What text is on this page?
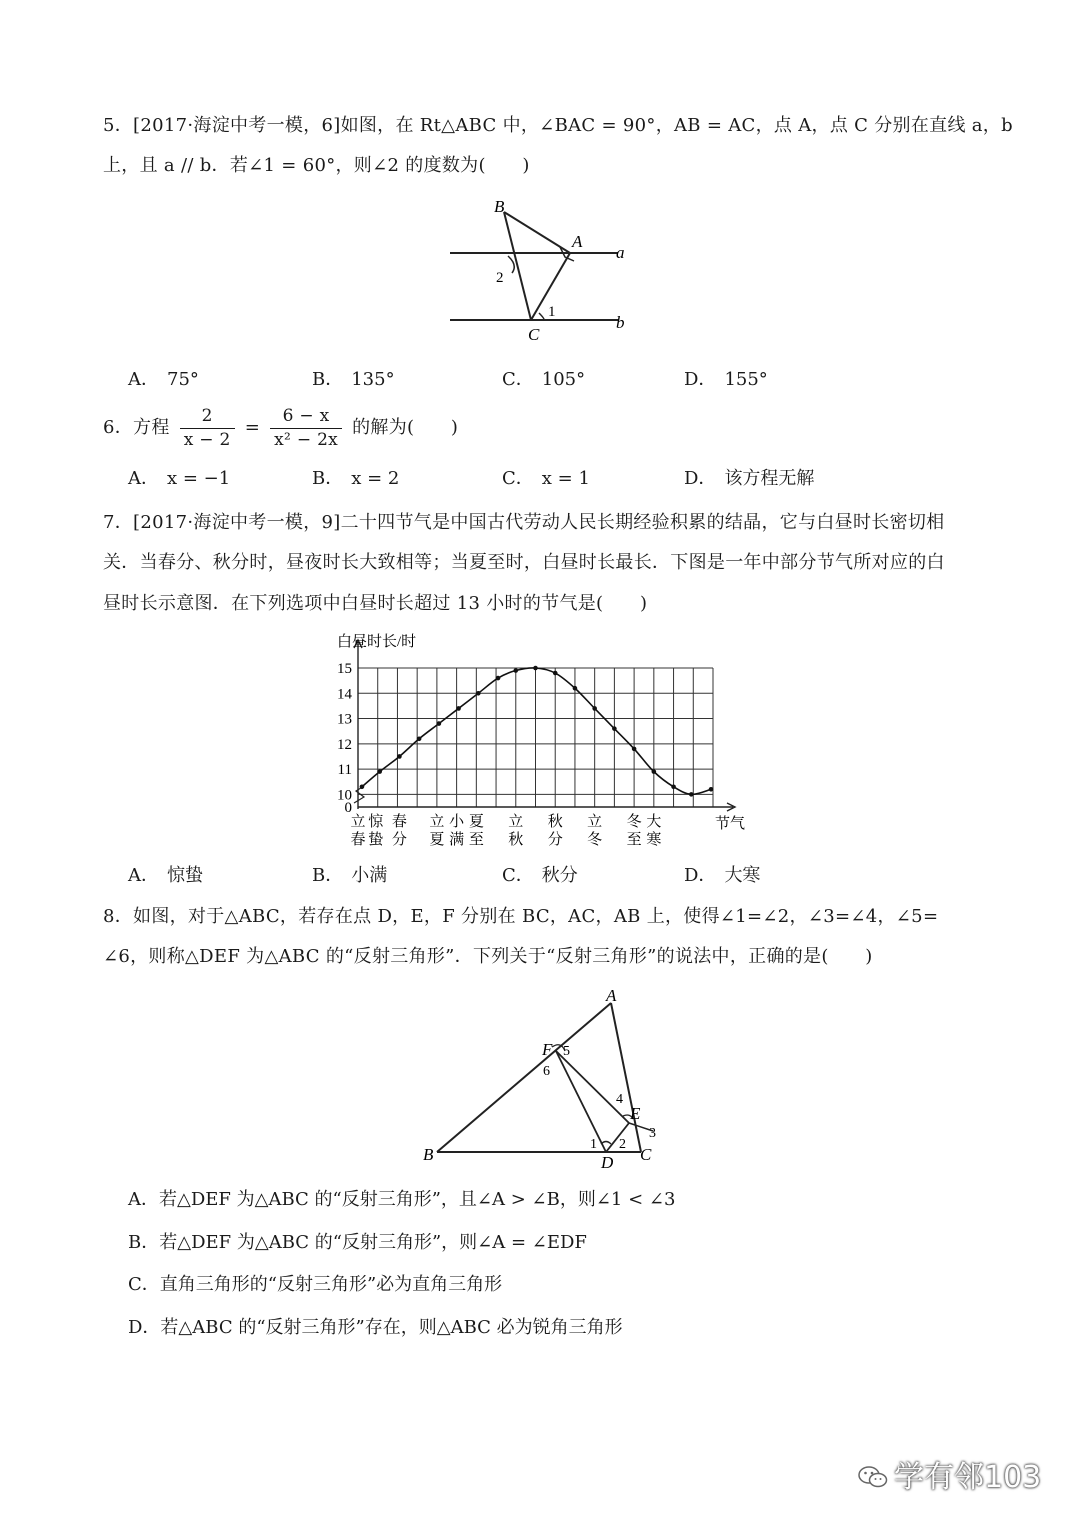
5．[2017·海淀中考一模，6]如图，在 Rt△ABC 中，∠BAC = 90°，AB = AC，点 A，点 C 分别在直线 a，b
上，且 a // b．若∠1 = 60°，则∠2 的度数为(　　)
B
A
C
a
b
1
2
A． 75°	B． 135°	C． 105°	D． 155°
6．方程 $\frac{2}{x - 2} = \frac{6 - x}{\text{x² − 2x}}$ 的解为(　　)
A． x = −1	B． x = 2	C． x = 1	D． 该方程无解
7．[2017·海淀中考一模，9]二十四节气是中国古代劳动人民长期经验积累的结晶，它与白昼时长密切相
关．当春分、秋分时，昼夜时长大致相等；当夏至时，白昼时长最长．下图是一年中部分节气所对应的白
昼时长示意图．在下列选项中白昼时长超过 13 小时的节气是(　　)
白昼时长/时
节气
0
10
11
12
13
14
15
立
春
惊
蛰
春
分
立
夏
小
满
夏
至
立
秋
秋
分
立
冬
冬
至
大
寒
A． 惊蛰	B． 小满	C． 秋分	D． 大寒
8．如图，对于△ABC，若存在点 D，E，F 分别在 BC，AC，AB 上，使得∠1=∠2，∠3=∠4，∠5=
∠6，则称△DEF 为△ABC 的“反射三角形”．下列关于“反射三角形”的说法中，正确的是(　　)
A
B	C
D
E
F
1 2
3
4
5
6
A．若△DEF 为△ABC 的“反射三角形”，且∠A > ∠B，则∠1 < ∠3
B．若△DEF 为△ABC 的“反射三角形”，则∠A = ∠EDF
C．直角三角形的“反射三角形”必为直角三角形
D．若△ABC 的“反射三角形”存在，则△ABC 必为锐角三角形
学有邻103
